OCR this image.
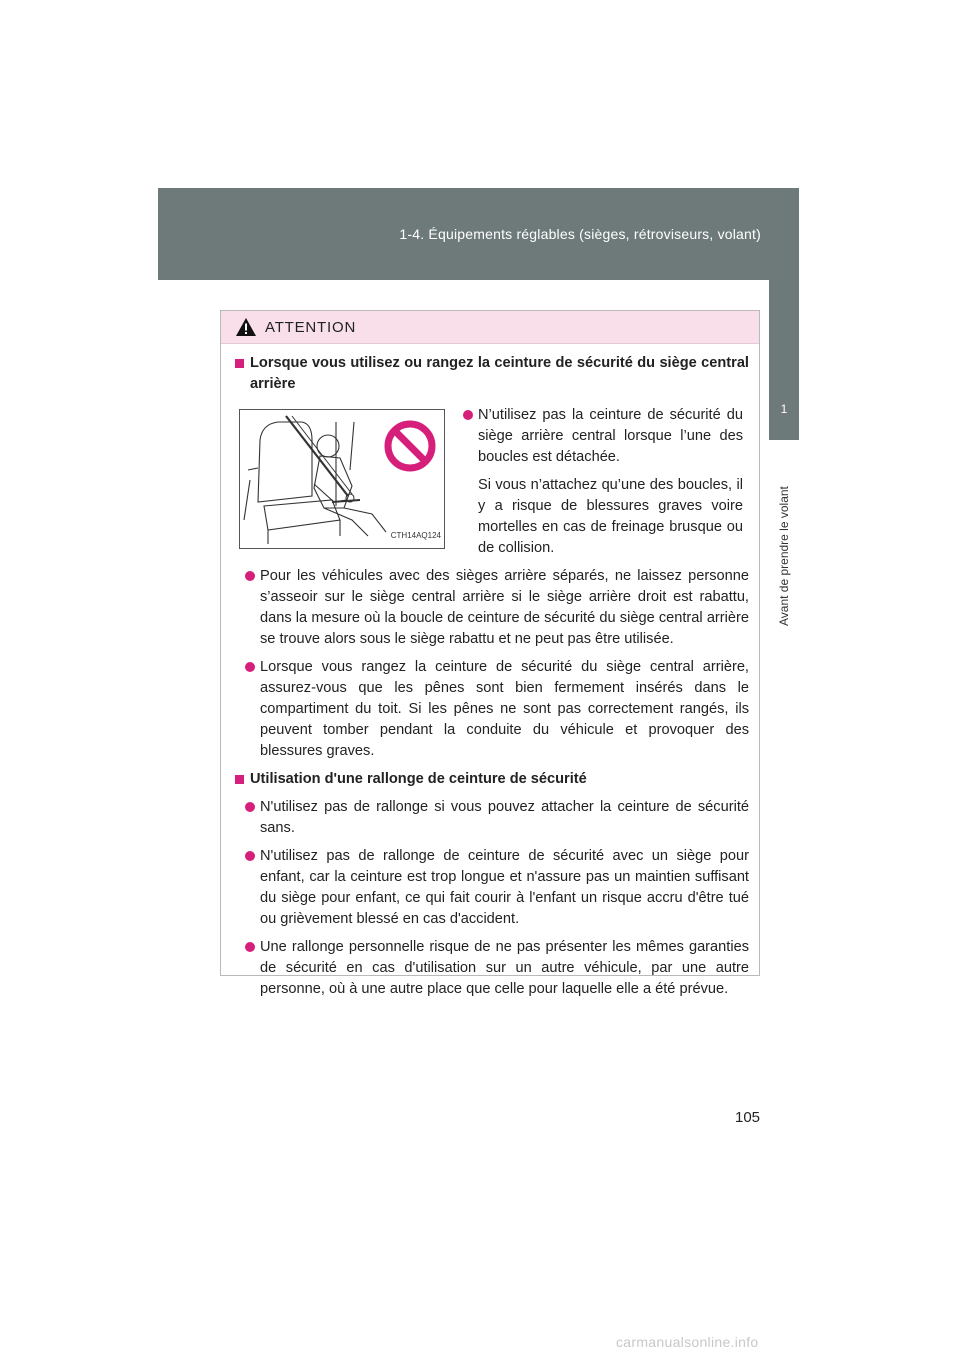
1-4. Équipements réglables (sièges, rétroviseurs, volant)
1
Avant de prendre le volant
ATTENTION
Lorsque vous utilisez ou rangez la ceinture de sécurité du siège central arrière
CTH14AQ124
N’utilisez pas la ceinture de sécurité du siège arrière central lorsque l’une des boucles est détachée.
Si vous n’attachez qu’une des boucles, il y a risque de blessures graves voire mortelles en cas de freinage brusque ou de collision.
Pour les véhicules avec des sièges arrière séparés, ne laissez personne s’asseoir sur le siège central arrière si le siège arrière droit est rabattu, dans la mesure où la boucle de ceinture de sécurité du siège central arrière se trouve alors sous le siège rabattu et ne peut pas être utilisée.
Lorsque vous rangez la ceinture de sécurité du siège central arrière, assurez-vous que les pênes sont bien fermement insérés dans le compartiment du toit. Si les pênes ne sont pas correctement rangés, ils peuvent tomber pendant la conduite du véhicule et provoquer des blessures graves.
Utilisation d'une rallonge de ceinture de sécurité
N'utilisez pas de rallonge si vous pouvez attacher la ceinture de sécurité sans.
N'utilisez pas de rallonge de ceinture de sécurité avec un siège pour enfant, car la ceinture est trop longue et n'assure pas un maintien suffisant du siège pour enfant, ce qui fait courir à l'enfant un risque accru d'être tué ou grièvement blessé en cas d'accident.
Une rallonge personnelle risque de ne pas présenter les mêmes garanties de sécurité en cas d'utilisation sur un autre véhicule, par une autre personne, où à une autre place que celle pour laquelle elle a été prévue.
105
carmanualsonline.info
